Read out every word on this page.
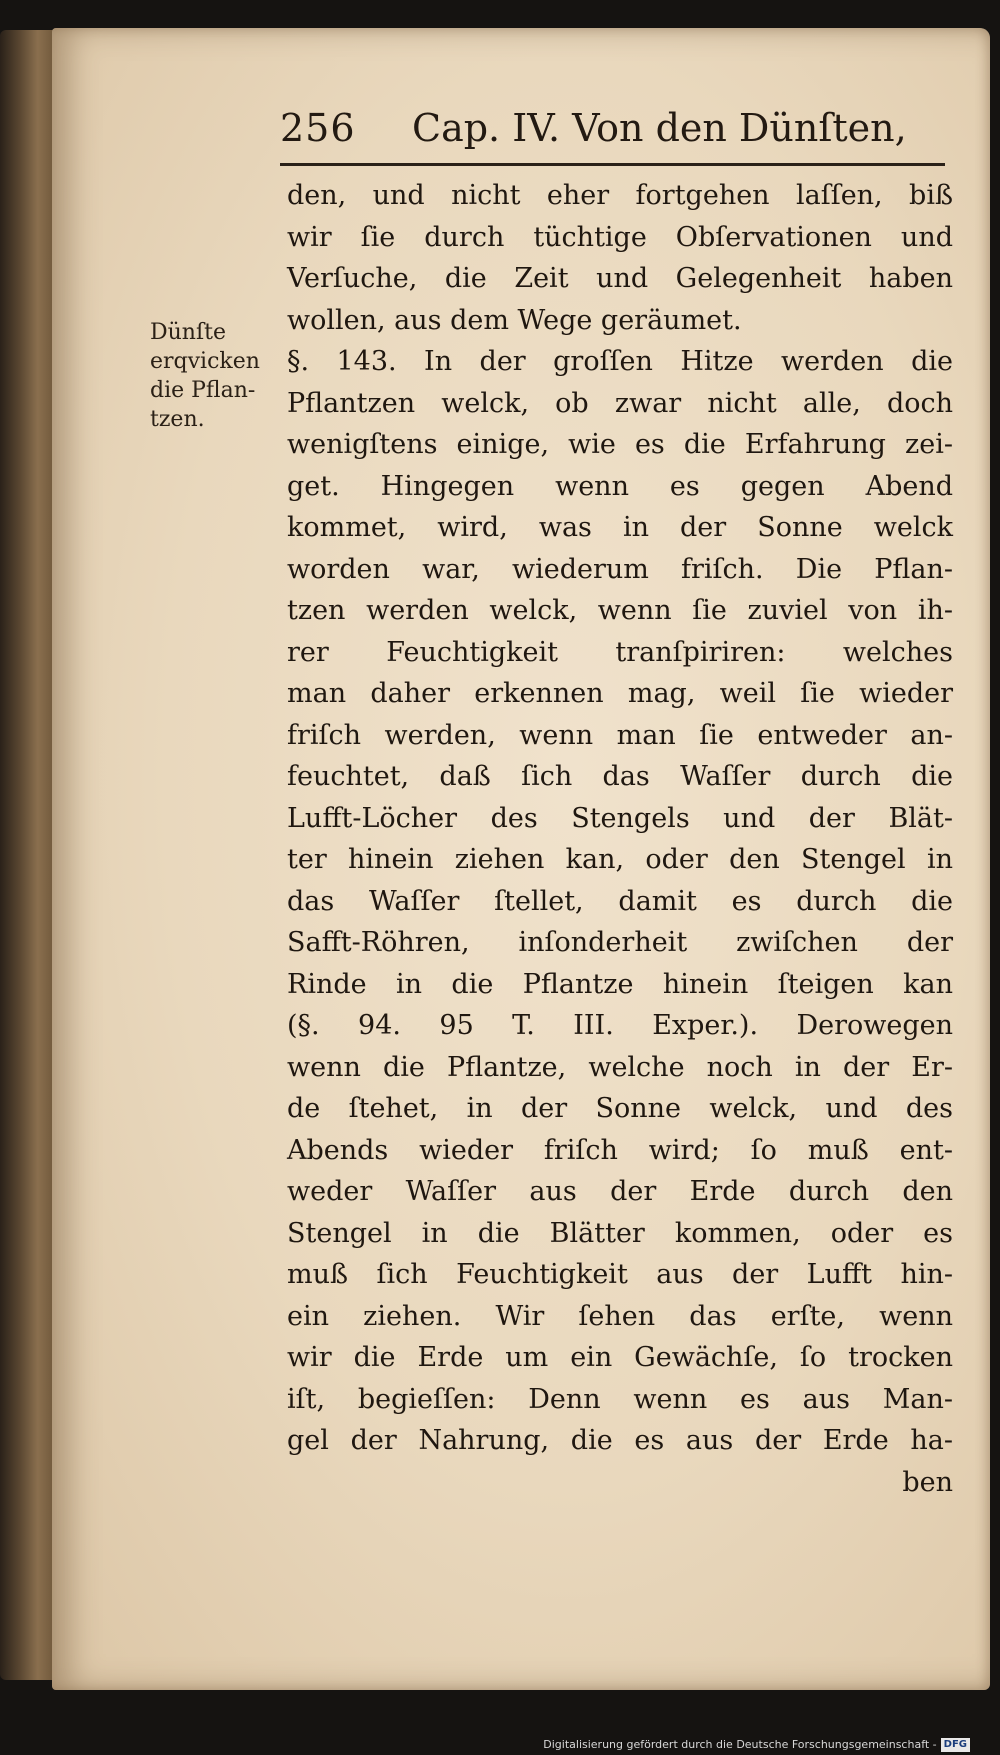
256 Cap. IV. Von den Dünſten,
Dünſte
erqvicken
die Pflan-
tzen.
den, und nicht eher fortgehen laſſen, biß
wir ſie durch tüchtige Obſervationen und
Verſuche, die Zeit und Gelegenheit haben
wollen, aus dem Wege geräumet.
§. 143. In der groſſen Hitze werden die
Pflantzen welck, ob zwar nicht alle, doch
wenigſtens einige, wie es die Erfahrung zei-
get. Hingegen wenn es gegen Abend
kommet, wird, was in der Sonne welck
worden war, wiederum friſch. Die Pflan-
tzen werden welck, wenn ſie zuviel von ih-
rer Feuchtigkeit tranſpiriren: welches
man daher erkennen mag, weil ſie wieder
friſch werden, wenn man ſie entweder an-
feuchtet, daß ſich das Waſſer durch die
Lufft-Löcher des Stengels und der Blät-
ter hinein ziehen kan, oder den Stengel in
das Waſſer ſtellet, damit es durch die
Safft-Röhren, inſonderheit zwiſchen der
Rinde in die Pflantze hinein ſteigen kan
(§. 94. 95 T. III. Exper.). Derowegen
wenn die Pflantze, welche noch in der Er-
de ſtehet, in der Sonne welck, und des
Abends wieder friſch wird; ſo muß ent-
weder Waſſer aus der Erde durch den
Stengel in die Blätter kommen, oder es
muß ſich Feuchtigkeit aus der Lufft hin-
ein ziehen. Wir ſehen das erſte, wenn
wir die Erde um ein Gewächſe, ſo trocken
iſt, begieſſen: Denn wenn es aus Man-
gel der Nahrung, die es aus der Erde ha-
ben
Digitalisierung gefördert durch die Deutsche Forschungsgemeinschaft - DFG
